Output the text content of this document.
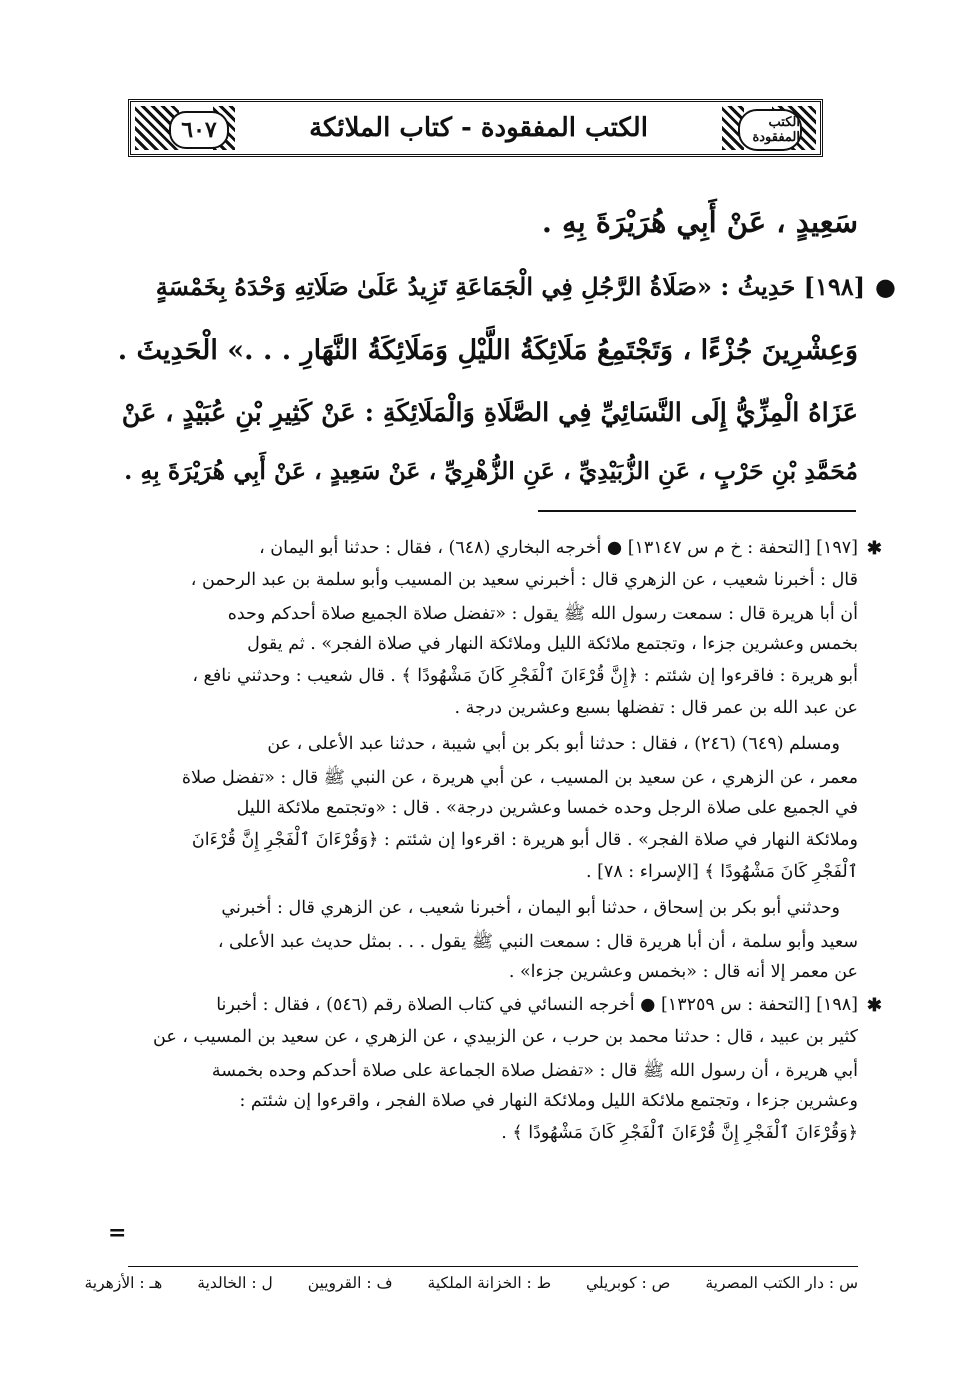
٦٠٧	الكتب المفقودة - كتاب الملائكة	الكتب المفقودة
سَعِيدٍ ، عَنْ أَبِي هُرَيْرَةَ بِهِ .
●[١٩٨] حَدِيثُ : «صَلَاةُ الرَّجُلِ فِي الْجَمَاعَةِ تَزِيدُ عَلَىٰ صَلَاتِهِ وَحْدَهُ بِخَمْسَةٍ
وَعِشْرِينَ جُزْءًا ، وَتَجْتَمِعُ مَلَائِكَةُ اللَّيْلِ وَمَلَائِكَةُ النَّهَارِ . . .» الْحَدِيثَ .
عَزَاهُ الْمِزِّيُّ إِلَى النَّسَائِيِّ فِي الصَّلَاةِ وَالْمَلَائِكَةِ : عَنْ كَثِيرِ بْنِ عُبَيْدٍ ، عَنْ
مُحَمَّدِ بْنِ حَرْبٍ ، عَنِ الزُّبَيْدِيِّ ، عَنِ الزُّهْرِيِّ ، عَنْ سَعِيدٍ ، عَنْ أَبِي هُرَيْرَةَ بِهِ .
✱
[١٩٧] [التحفة : خ م س ١٣١٤٧] ● أخرجه البخاري (٦٤٨) ، فقال : حدثنا أبو اليمان ،
قال : أخبرنا شعيب ، عن الزهري قال : أخبرني سعيد بن المسيب وأبو سلمة بن عبد الرحمن ،
أن أبا هريرة قال : سمعت رسول الله ﷺ يقول : «تفضل صلاة الجميع صلاة أحدكم وحده
بخمس وعشرين جزءا ، وتجتمع ملائكة الليل وملائكة النهار في صلاة الفجر» . ثم يقول
أبو هريرة : فاقرءوا إن شئتم : ﴿إِنَّ قُرْءَانَ ٱلْفَجْرِ كَانَ مَشْهُودًا ﴾ . قال شعيب : وحدثني نافع ،
عن عبد الله بن عمر قال : تفضلها بسبع وعشرين درجة .
ومسلم (٦٤٩) (٢٤٦) ، فقال : حدثنا أبو بكر بن أبي شيبة ، حدثنا عبد الأعلى ، عن
معمر ، عن الزهري ، عن سعيد بن المسيب ، عن أبي هريرة ، عن النبي ﷺ قال : «تفضل صلاة
في الجميع على صلاة الرجل وحده خمسا وعشرين درجة» . قال : «وتجتمع ملائكة الليل
وملائكة النهار في صلاة الفجر» . قال أبو هريرة : اقرءوا إن شئتم : ﴿وَقُرْءَانَ ٱلْفَجْرِ إِنَّ قُرْءَانَ
ٱلْفَجْرِ كَانَ مَشْهُودًا ﴾ [الإسراء : ٧٨] .
وحدثني أبو بكر بن إسحاق ، حدثنا أبو اليمان ، أخبرنا شعيب ، عن الزهري قال : أخبرني
سعيد وأبو سلمة ، أن أبا هريرة قال : سمعت النبي ﷺ يقول . . . بمثل حديث عبد الأعلى ،
عن معمر إلا أنه قال : «بخمس وعشرين جزءا» .
✱
[١٩٨] [التحفة : س ١٣٢٥٩] ● أخرجه النسائي في كتاب الصلاة رقم (٥٤٦) ، فقال : أخبرنا
كثير بن عبيد ، قال : حدثنا محمد بن حرب ، عن الزبيدي ، عن الزهري ، عن سعيد بن المسيب ، عن
أبي هريرة ، أن رسول الله ﷺ قال : «تفضل صلاة الجماعة على صلاة أحدكم وحده بخمسة
وعشرين جزءا ، وتجتمع ملائكة الليل وملائكة النهار في صلاة الفجر ، واقرءوا إن شئتم :
﴿وَقُرْءَانَ ٱلْفَجْرِ إِنَّ قُرْءَانَ ٱلْفَجْرِ كَانَ مَشْهُودًا ﴾ .
=
س : دار الكتب المصرية ص : كوبريلي ط : الخزانة الملكية ف : القرويين ل : الخالدية هـ : الأزهرية
